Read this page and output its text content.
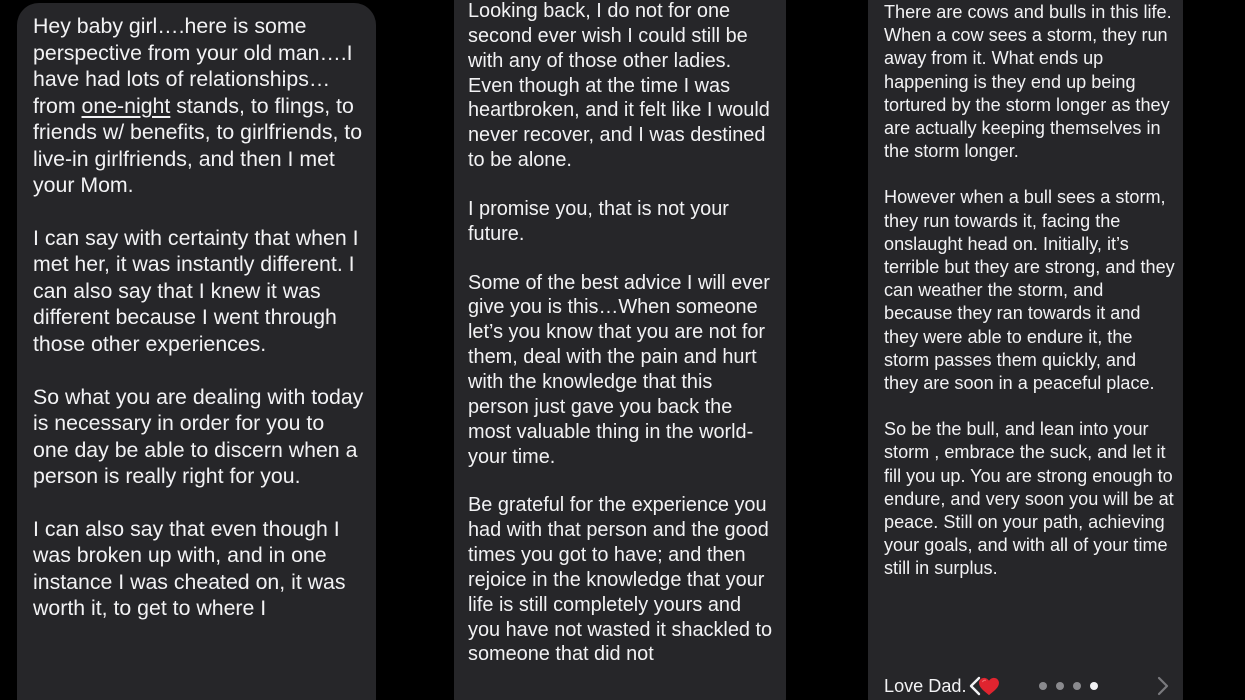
Hey baby girl….here is some perspective from your old man….I have had lots of relationships…from one-night stands, to flings, to friends w/ benefits, to girlfriends, to live-in girlfriends, and then I met your Mom.

I can say with certainty that when I met her, it was instantly different. I can also say that I knew it was different because I went through those other experiences.

So what you are dealing with today is necessary in order for you to one day be able to discern when a person is really right for you.

I can also say that even though I was broken up with, and in one instance I was cheated on, it was worth it, to get to where I

Looking back, I do not for one second ever wish I could still be with any of those other ladies. Even though at the time I was heartbroken, and it felt like I would never recover, and I was destined to be alone.

I promise you, that is not your future.

Some of the best advice I will ever give you is this…When someone let’s you know that you are not for them, deal with the pain and hurt with the knowledge that this person just gave you back the most valuable thing in the world- your time.

Be grateful for the experience you had with that person and the good times you got to have; and then rejoice in the knowledge that your life is still completely yours and you have not wasted it shackled to someone that did not

There are cows and bulls in this life. When a cow sees a storm, they run away from it. What ends up happening is they end up being tortured by the storm longer as they are actually keeping themselves in the storm longer.

However when a bull sees a storm, they run towards it, facing the onslaught head on. Initially, it’s terrible but they are strong, and they can weather the storm, and because they ran towards it and they were able to endure it, the storm passes them quickly, and they are soon in a peaceful place.

So be the bull, and lean into your storm , embrace the suck, and let it fill you up. You are strong enough to endure, and very soon you will be at peace. Still on your path, achieving your goals, and with all of your time still in surplus.

Love Dad.
